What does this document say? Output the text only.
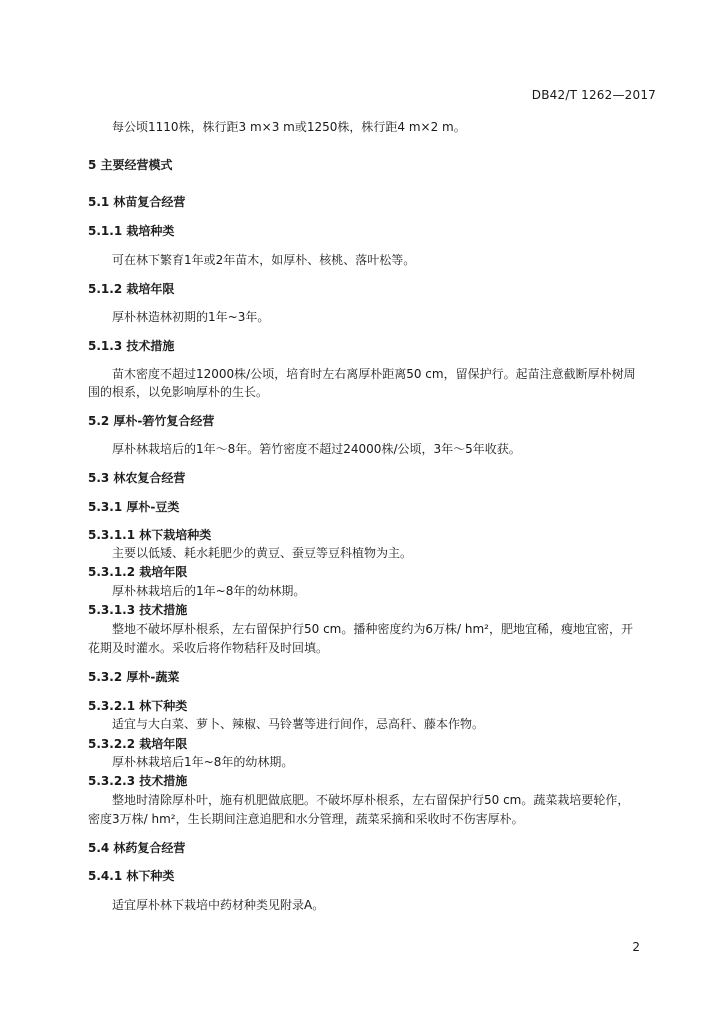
DB42/T 1262—2017
每公顷1110株，株行距3 m×3 m或1250株，株行距4 m×2 m。
5 主要经营模式
5.1 林苗复合经营
5.1.1 栽培种类
可在林下繁育1年或2年苗木，如厚朴、核桃、落叶松等。
5.1.2 栽培年限
厚朴林造林初期的1年~3年。
5.1.3 技术措施
苗木密度不超过12000株/公顷，培育时左右离厚朴距离50 cm，留保护行。起苗注意截断厚朴树周
围的根系，以免影响厚朴的生长。
5.2 厚朴-箬竹复合经营
厚朴林栽培后的1年～8年。箬竹密度不超过24000株/公顷，3年～5年收获。
5.3 林农复合经营
5.3.1 厚朴-豆类
5.3.1.1 林下栽培种类
主要以低矮、耗水耗肥少的黄豆、蚕豆等豆科植物为主。
5.3.1.2 栽培年限
厚朴林栽培后的1年~8年的幼林期。
5.3.1.3 技术措施
整地不破坏厚朴根系，左右留保护行50 cm。播种密度约为6万株/ hm²，肥地宜稀，瘦地宜密，开
花期及时灌水。采收后将作物秸秆及时回填。
5.3.2 厚朴-蔬菜
5.3.2.1 林下种类
适宜与大白菜、萝卜、辣椒、马铃薯等进行间作，忌高秆、藤本作物。
5.3.2.2 栽培年限
厚朴林栽培后1年~8年的幼林期。
5.3.2.3 技术措施
整地时清除厚朴叶，施有机肥做底肥。不破坏厚朴根系，左右留保护行50 cm。蔬菜栽培要轮作，
密度3万株/ hm²，生长期间注意追肥和水分管理，蔬菜采摘和采收时不伤害厚朴。
5.4 林药复合经营
5.4.1 林下种类
适宜厚朴林下栽培中药材种类见附录A。
2
